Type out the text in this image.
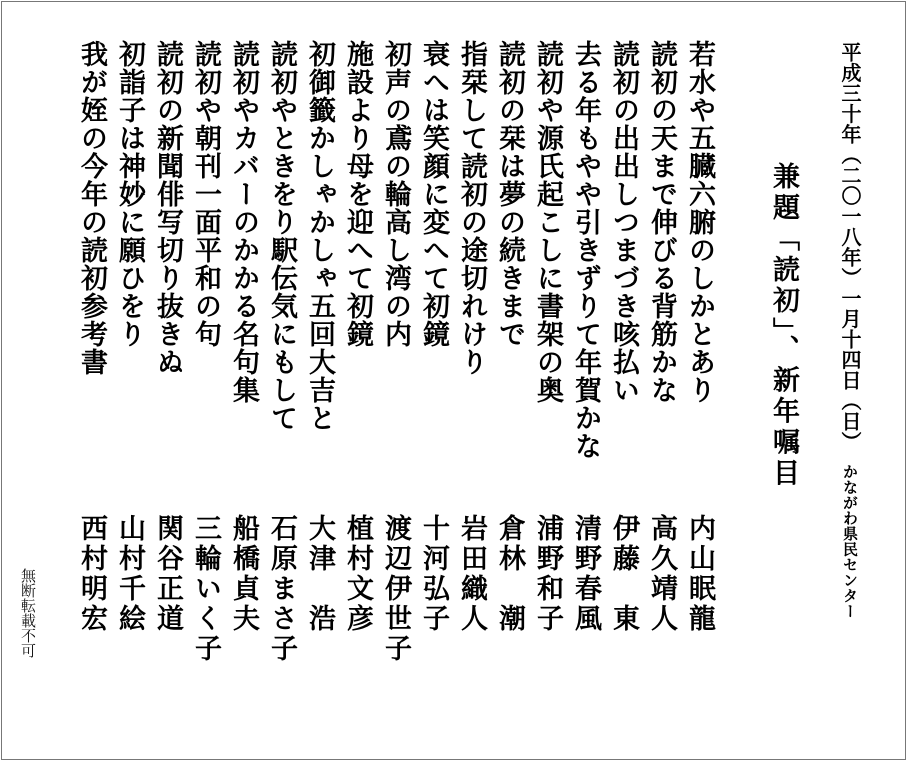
平成三十年（二〇一八年）一月十四日（日）かながわ県民センター
兼題「読初」、新年嘱目
若水や五臓六腑のしかとあり
読初の天まで伸びる背筋かな
読初の出出しつまづき咳払い
去る年もやや引きずりて年賀かな
読初や源氏起こしに書架の奥
読初の栞は夢の続きまで
指栞して読初の途切れけり
衰へは笑顔に変へて初鏡
初声の鳶の輪高し湾の内
施設より母を迎へて初鏡
初御籤かしゃかしゃ五回大吉と
読初やときをり駅伝気にもして
読初やカバーのかかる名句集
読初や朝刊一面平和の句
読初の新聞俳写切り抜きぬ
初詣子は神妙に願ひをり
我が姪の今年の読初参考書
内山眠龍
高久靖人
伊藤　東
清野春風
浦野和子
倉林　潮
岩田織人
十河弘子
渡辺伊世子
植村文彦
大津　浩
石原まさ子
船橋貞夫
三輪いく子
関谷正道
山村千絵
西村明宏
無断転載不可
